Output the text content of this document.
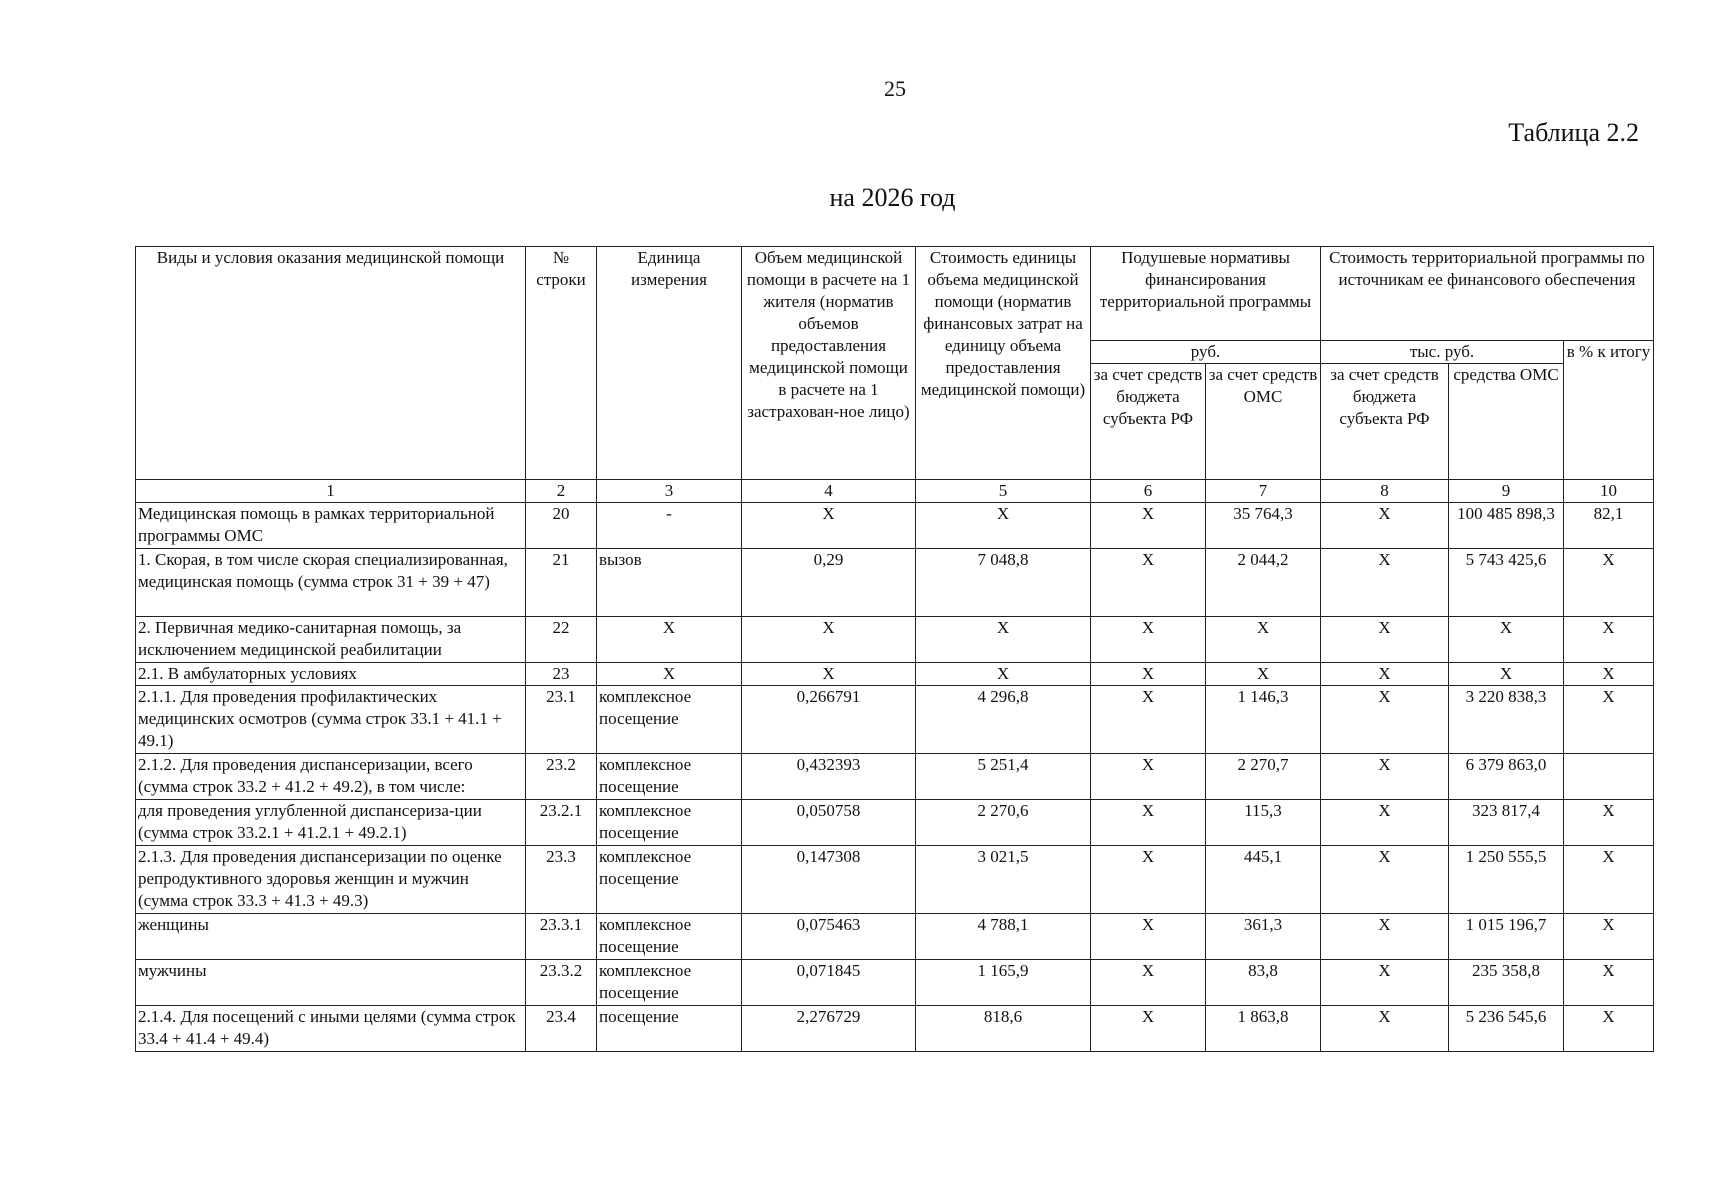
25
Таблица 2.2
на 2026 год
Виды и условия оказания медицинской помощи	№ строки	Единица измерения	Объем медицинской помощи в расчете на 1 жителя (норматив объемов предоставления медицинской помощи в расчете на 1 застрахован-ное лицо)	Стоимость единицы объема медицинской помощи (норматив финансовых затрат на единицу объема предоставления медицинской помощи)	Подушевые нормативы финансирования территориальной программы		Стоимость территориальной программы по источникам ее финансового обеспечения		
					руб.		тыс. руб.		в % к итогу
					за счет средств бюджета субъекта РФ	за счет средств ОМС	за счет средств бюджета субъекта РФ	средства ОМС	
1	2	3	4	5	6	7	8	9	10
Медицинская помощь в рамках территориальной программы ОМС	20	-	X	X	X	35 764,3	X	100 485 898,3	82,1
1. Скорая, в том числе скорая специализированная, медицинская помощь (сумма строк 31 + 39 + 47)	21	вызов	0,29	7 048,8	X	2 044,2	X	5 743 425,6	X
2. Первичная медико-санитарная помощь, за исключением медицинской реабилитации	22	X	X	X	X	X	X	X	X
2.1. В амбулаторных условиях	23	X	X	X	X	X	X	X	X
2.1.1. Для проведения профилактических медицинских осмотров (сумма строк 33.1 + 41.1 + 49.1)	23.1	комплексное посещение	0,266791	4 296,8	X	1 146,3	X	3 220 838,3	X
2.1.2. Для проведения диспансеризации, всего (сумма строк 33.2 + 41.2 + 49.2), в том числе:	23.2	комплексное посещение	0,432393	5 251,4	X	2 270,7	X	6 379 863,0	
для проведения углубленной диспансериза-ции (сумма строк 33.2.1 + 41.2.1 + 49.2.1)	23.2.1	комплексное посещение	0,050758	2 270,6	X	115,3	X	323 817,4	X
2.1.3. Для проведения диспансеризации по оценке репродуктивного здоровья женщин и мужчин (сумма строк 33.3 + 41.3 + 49.3)	23.3	комплексное посещение	0,147308	3 021,5	X	445,1	X	1 250 555,5	X
женщины	23.3.1	комплексное посещение	0,075463	4 788,1	X	361,3	X	1 015 196,7	X
мужчины	23.3.2	комплексное посещение	0,071845	1 165,9	X	83,8	X	235 358,8	X
2.1.4. Для посещений с иными целями (сумма строк 33.4 + 41.4 + 49.4)	23.4	посещение	2,276729	818,6	X	1 863,8	X	5 236 545,6	X
